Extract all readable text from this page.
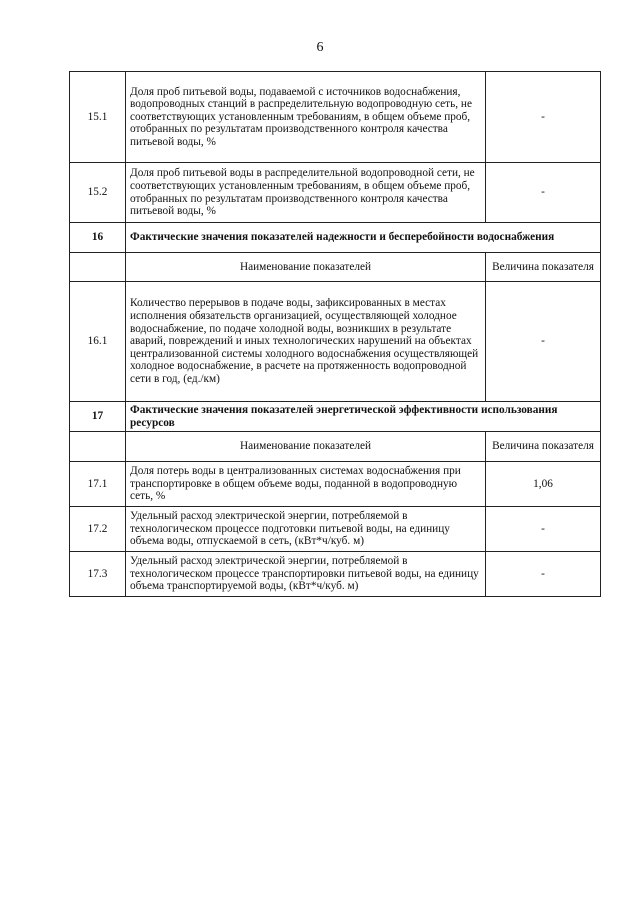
6
15.1	Доля проб питьевой воды, подаваемой с источников водоснабжения, водопроводных станций в распределительную водопроводную сеть, не соответствующих установленным требованиям, в общем объеме проб, отобранных по результатам производственного контроля качества питьевой воды, %	-
15.2	Доля проб питьевой воды в распределительной водопроводной сети, не соответствующих установленным требованиям, в общем объеме проб, отобранных по результатам производственного контроля качества питьевой воды, %	-
16	Фактические значения показателей надежности и бесперебойности водоснабжения	
	Наименование показателей	Величина показателя
16.1	Количество перерывов в подаче воды, зафиксированных в местах исполнения обязательств организацией, осуществляющей холодное водоснабжение, по подаче холодной воды, возникших в результате аварий, повреждений и иных технологических нарушений на объектах централизованной системы холодного водоснабжения осуществляющей холодное водоснабжение, в расчете на протяженность водопроводной сети в год, (ед./км)	-
17	Фактические значения показателей энергетической эффективности использования ресурсов	
	Наименование показателей	Величина показателя
17.1	Доля потерь воды в централизованных системах водоснабжения при транспортировке в общем объеме воды, поданной в водопроводную сеть, %	1,06
17.2	Удельный расход электрической энергии, потребляемой в технологическом процессе подготовки питьевой воды, на единицу объема воды, отпускаемой в сеть, (кВт*ч/куб. м)	-
17.3	Удельный расход электрической энергии, потребляемой в технологическом процессе транспортировки питьевой воды, на единицу объема транспортируемой воды, (кВт*ч/куб. м)	-
